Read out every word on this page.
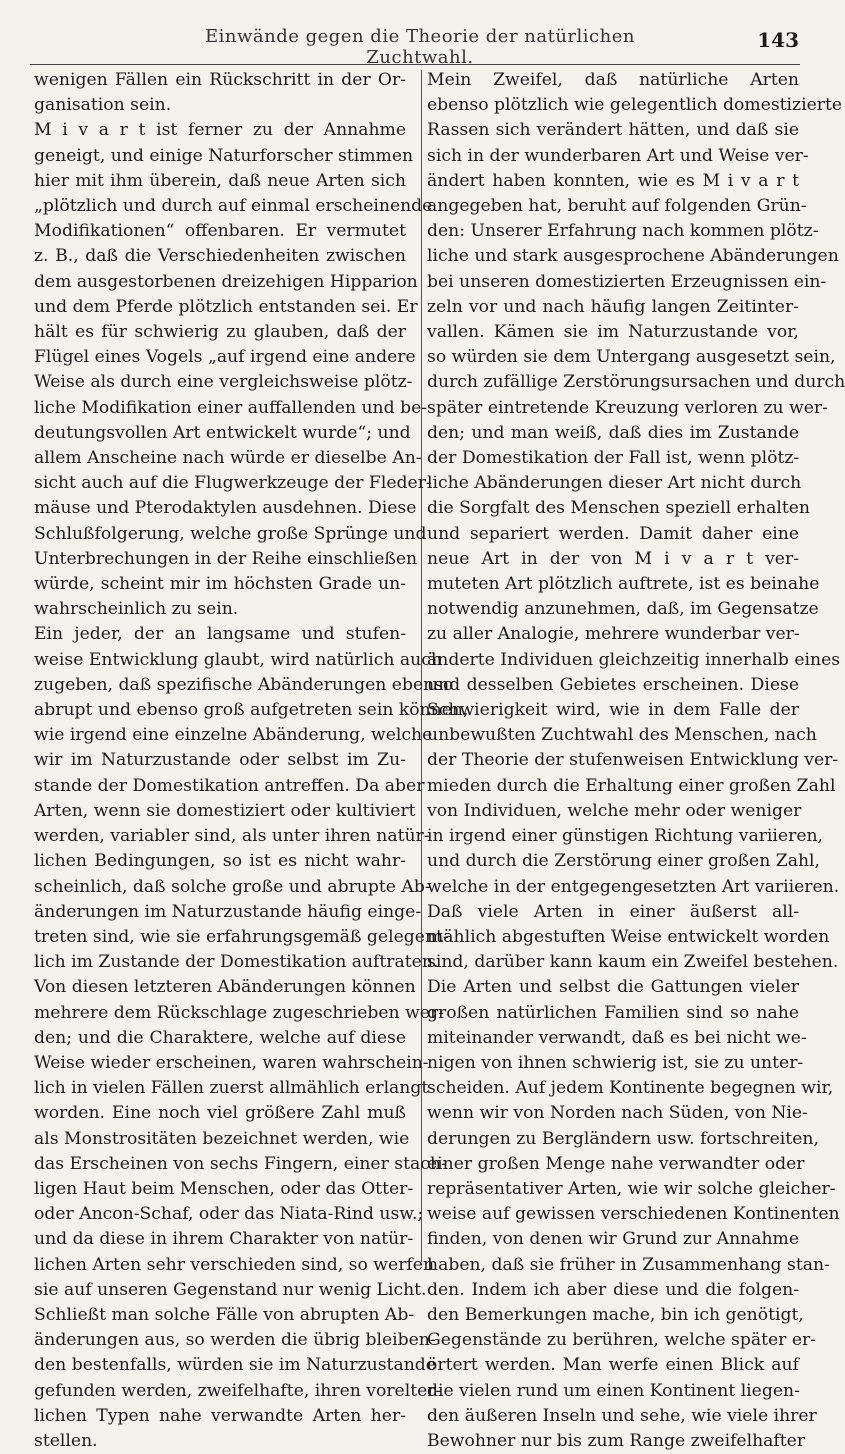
Einwände gegen die Theorie der natürlichen Zuchtwahl.
143
wenigen Fällen ein Rückschritt in der Or-
ganisation sein.
M i v a r t ist ferner zu der Annahme
geneigt, und einige Naturforscher stimmen
hier mit ihm überein, daß neue Arten sich
„plötzlich und durch auf einmal erscheinende
Modifikationen“ offenbaren. Er vermutet
z. B., daß die Verschiedenheiten zwischen
dem ausgestorbenen dreizehigen Hipparion
und dem Pferde plötzlich entstanden sei. Er
hält es für schwierig zu glauben, daß der
Flügel eines Vogels „auf irgend eine andere
Weise als durch eine vergleichsweise plötz-
liche Modifikation einer auffallenden und be-
deutungsvollen Art entwickelt wurde“; und
allem Anscheine nach würde er dieselbe An-
sicht auch auf die Flugwerkzeuge der Fleder-
mäuse und Pterodaktylen ausdehnen. Diese
Schlußfolgerung, welche große Sprünge und
Unterbrechungen in der Reihe einschließen
würde, scheint mir im höchsten Grade un-
wahrscheinlich zu sein.
Ein jeder, der an langsame und stufen-
weise Entwicklung glaubt, wird natürlich auch
zugeben, daß spezifische Abänderungen ebenso
abrupt und ebenso groß aufgetreten sein können,
wie irgend eine einzelne Abänderung, welche
wir im Naturzustande oder selbst im Zu-
stande der Domestikation antreffen. Da aber
Arten, wenn sie domestiziert oder kultiviert
werden, variabler sind, als unter ihren natür-
lichen Bedingungen, so ist es nicht wahr-
scheinlich, daß solche große und abrupte Ab-
änderungen im Naturzustande häufig einge-
treten sind, wie sie erfahrungsgemäß gelegent-
lich im Zustande der Domestikation auftraten.
Von diesen letzteren Abänderungen können
mehrere dem Rückschlage zugeschrieben wer-
den; und die Charaktere, welche auf diese
Weise wieder erscheinen, waren wahrschein-
lich in vielen Fällen zuerst allmählich erlangt
worden. Eine noch viel größere Zahl muß
als Monstrositäten bezeichnet werden, wie
das Erscheinen von sechs Fingern, einer stach-
ligen Haut beim Menschen, oder das Otter-
oder Ancon-Schaf, oder das Niata-Rind usw.;
und da diese in ihrem Charakter von natür-
lichen Arten sehr verschieden sind, so werfen
sie auf unseren Gegenstand nur wenig Licht.
Schließt man solche Fälle von abrupten Ab-
änderungen aus, so werden die übrig bleiben-
den bestenfalls, würden sie im Naturzustande
gefunden werden, zweifelhafte, ihren vorelter-
lichen Typen nahe verwandte Arten her-
stellen.
Mein Zweifel, daß natürliche Arten
ebenso plötzlich wie gelegentlich domestizierte
Rassen sich verändert hätten, und daß sie
sich in der wunderbaren Art und Weise ver-
ändert haben konnten, wie es M i v a r t
angegeben hat, beruht auf folgenden Grün-
den: Unserer Erfahrung nach kommen plötz-
liche und stark ausgesprochene Abänderungen
bei unseren domestizierten Erzeugnissen ein-
zeln vor und nach häufig langen Zeitinter-
vallen. Kämen sie im Naturzustande vor,
so würden sie dem Untergang ausgesetzt sein,
durch zufällige Zerstörungsursachen und durch
später eintretende Kreuzung verloren zu wer-
den; und man weiß, daß dies im Zustande
der Domestikation der Fall ist, wenn plötz-
liche Abänderungen dieser Art nicht durch
die Sorgfalt des Menschen speziell erhalten
und separiert werden. Damit daher eine
neue Art in der von M i v a r t ver-
muteten Art plötzlich auftrete, ist es beinahe
notwendig anzunehmen, daß, im Gegensatze
zu aller Analogie, mehrere wunderbar ver-
änderte Individuen gleichzeitig innerhalb eines
und desselben Gebietes erscheinen. Diese
Schwierigkeit wird, wie in dem Falle der
unbewußten Zuchtwahl des Menschen, nach
der Theorie der stufenweisen Entwicklung ver-
mieden durch die Erhaltung einer großen Zahl
von Individuen, welche mehr oder weniger
in irgend einer günstigen Richtung variieren,
und durch die Zerstörung einer großen Zahl,
welche in der entgegengesetzten Art variieren.
Daß viele Arten in einer äußerst all-
mählich abgestuften Weise entwickelt worden
sind, darüber kann kaum ein Zweifel bestehen.
Die Arten und selbst die Gattungen vieler
großen natürlichen Familien sind so nahe
miteinander verwandt, daß es bei nicht we-
nigen von ihnen schwierig ist, sie zu unter-
scheiden. Auf jedem Kontinente begegnen wir,
wenn wir von Norden nach Süden, von Nie-
derungen zu Bergländern usw. fortschreiten,
einer großen Menge nahe verwandter oder
repräsentativer Arten, wie wir solche gleicher-
weise auf gewissen verschiedenen Kontinenten
finden, von denen wir Grund zur Annahme
haben, daß sie früher in Zusammenhang stan-
den. Indem ich aber diese und die folgen-
den Bemerkungen mache, bin ich genötigt,
Gegenstände zu berühren, welche später er-
örtert werden. Man werfe einen Blick auf
die vielen rund um einen Kontinent liegen-
den äußeren Inseln und sehe, wie viele ihrer
Bewohner nur bis zum Range zweifelhafter
